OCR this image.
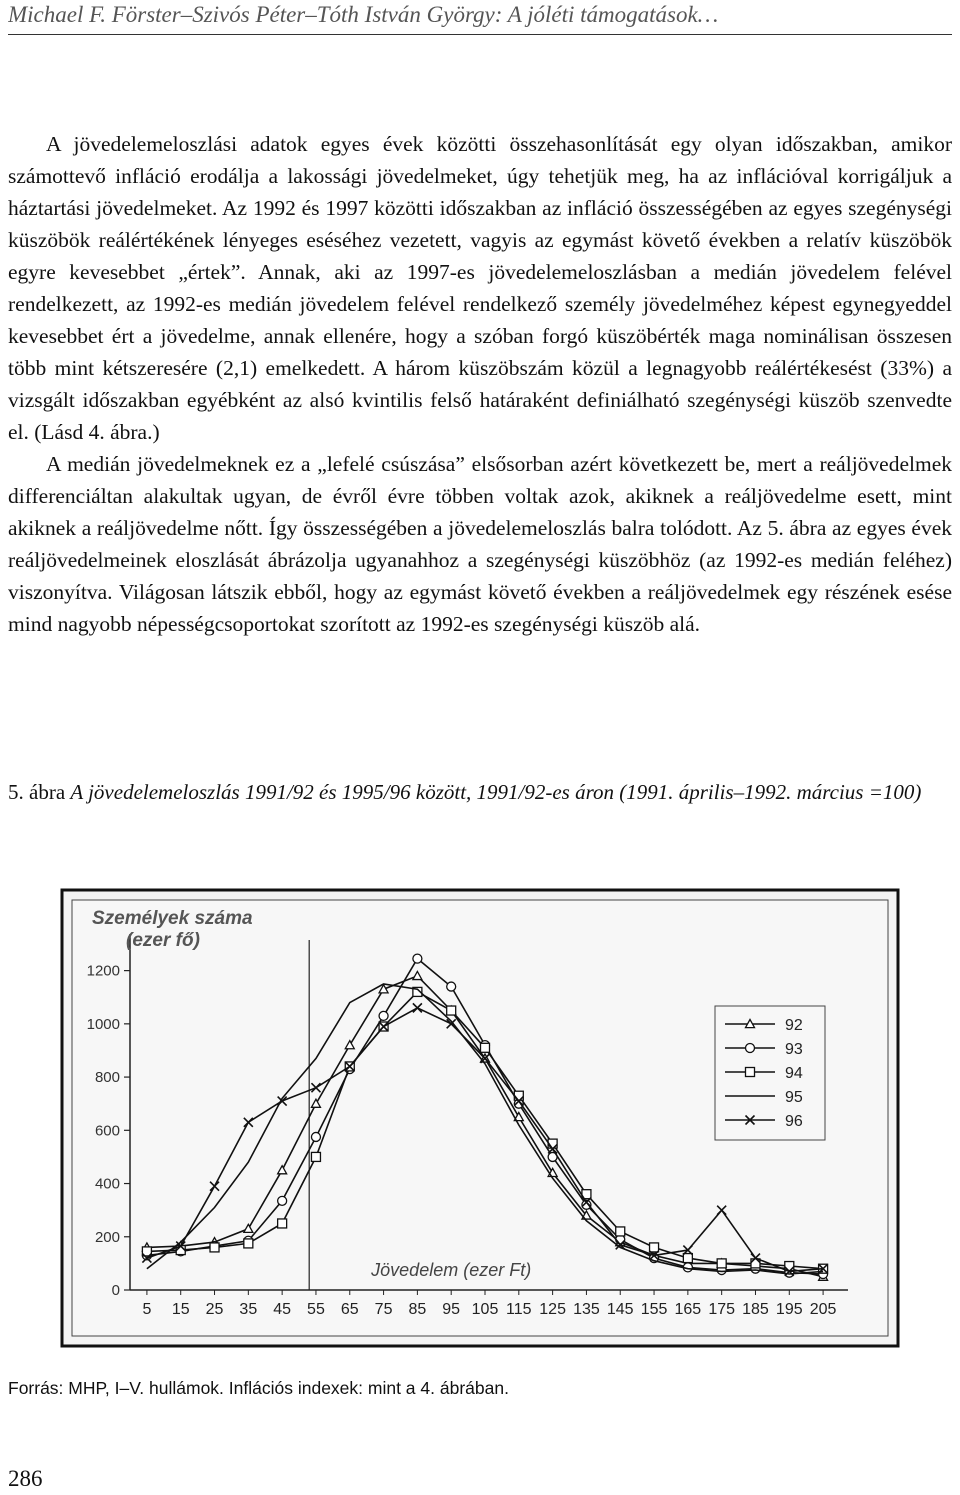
Michael F. Förster–Szivós Péter–Tóth István György: A jóléti támogatások…

A jövedelemeloszlási adatok egyes évek közötti összehasonlítását egy olyan időszakban, amikor számottevő infláció erodálja a lakossági jövedelmeket, úgy tehetjük meg, ha az inflációval korrigáljuk a háztartási jövedelmeket. Az 1992 és 1997 közötti időszakban az infláció összességében az egyes szegénységi küszöbök reálértékének lényeges eséséhez vezetett, vagyis az egymást követő években a relatív küszöbök egyre kevesebbet „értek”. Annak, aki az 1997-es jövedelemeloszlásban a medián jövedelem felével rendelkezett, az 1992-es medián jövedelem felével rendelkező személy jövedelméhez képest egynegyeddel kevesebbet ért a jövedelme, annak ellenére, hogy a szóban forgó küszöbérték maga nominálisan összesen több mint kétszeresére (2,1) emelkedett. A három küszöbszám közül a legnagyobb reálértékesést (33%) a vizsgált időszakban egyébként az alsó kvintilis felső határaként definiálható szegénységi küszöb szenvedte el. (Lásd 4. ábra.)

A medián jövedelmeknek ez a „lefelé csúszása” elsősorban azért következett be, mert a reáljövedelmek differenciáltan alakultak ugyan, de évről évre többen voltak azok, akiknek a reáljövedelme esett, mint akiknek a reáljövedelme nőtt. Így összességében a jövedelemeloszlás balra tolódott. Az 5. ábra az egyes évek reáljövedelmeinek eloszlását ábrázolja ugyanahhoz a szegénységi küszöbhöz (az 1992-es medián feléhez) viszonyítva. Világosan látszik ebből, hogy az egymást követő években a reáljövedelmek egy részének esése mind nagyobb népességcsoportokat szorított az 1992-es szegénységi küszöb alá.

5. ábra A jövedelemeloszlás 1991/92 és 1995/96 között, 1991/92-es áron (1991. április–1992. március =100)
0
200
400
600
800
1000
1200
5 15 25 35 45 55 65 75 85 95 105 115 125 135 145 155 165 175 185 195 205
Személyek száma
(ezer fő)
Jövedelem (ezer Ft)
92
93
94
95
96
Forrás: MHP, I–V. hullámok. Inflációs indexek: mint a 4. ábrában.
286
